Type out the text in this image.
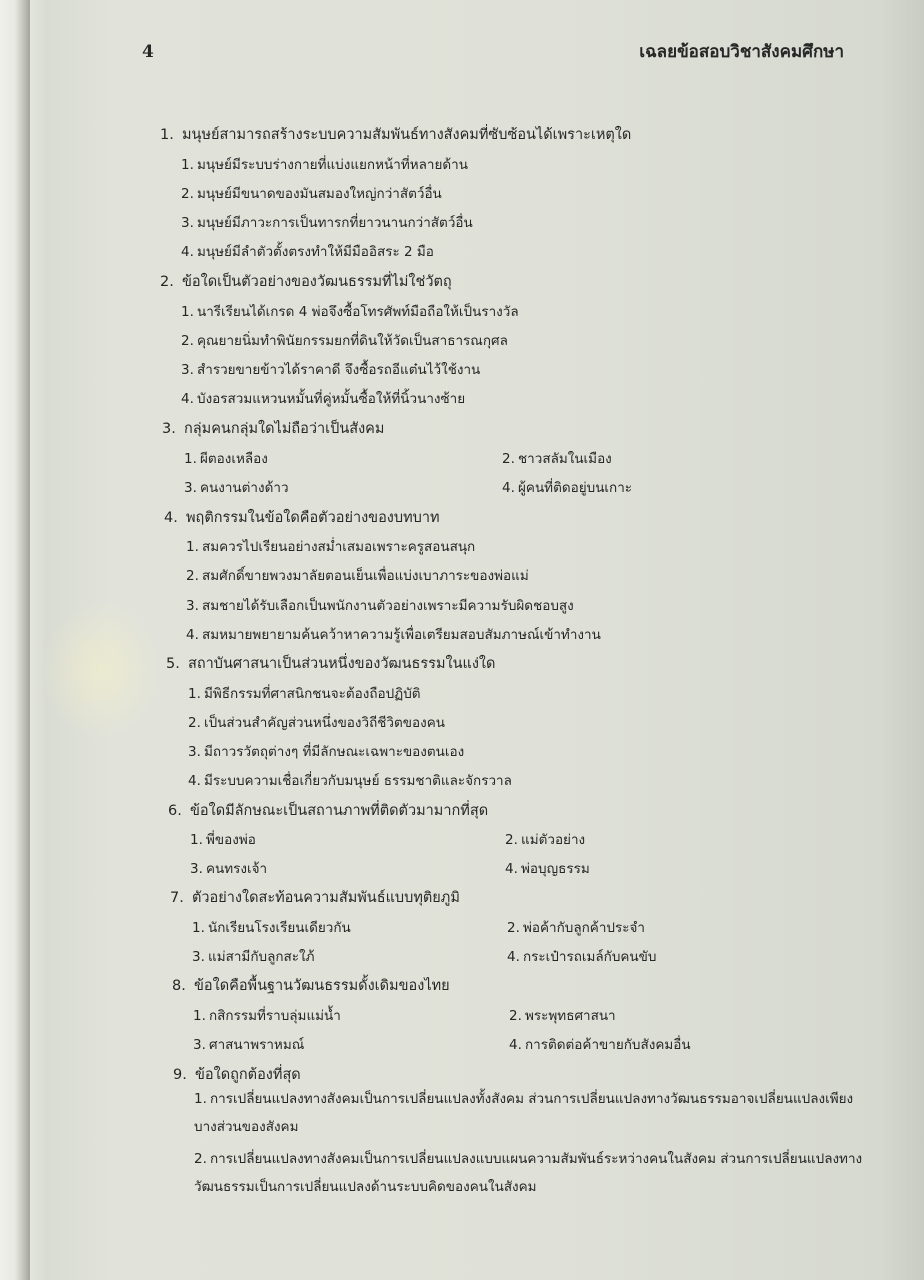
4	เฉลยข้อสอบวิชาสังคมศึกษา
1. มนุษย์สามารถสร้างระบบความสัมพันธ์ทางสังคมที่ซับซ้อนได้เพราะเหตุใด
1. มนุษย์มีระบบร่างกายที่แบ่งแยกหน้าที่หลายด้าน
2. มนุษย์มีขนาดของมันสมองใหญ่กว่าสัตว์อื่น
3. มนุษย์มีภาวะการเป็นทารกที่ยาวนานกว่าสัตว์อื่น
4. มนุษย์มีลำตัวตั้งตรงทำให้มีมืออิสระ 2 มือ
2. ข้อใดเป็นตัวอย่างของวัฒนธรรมที่ไม่ใช่วัตถุ
1. นารีเรียนได้เกรด 4 พ่อจึงซื้อโทรศัพท์มือถือให้เป็นรางวัล
2. คุณยายนิ่มทำพินัยกรรมยกที่ดินให้วัดเป็นสาธารณกุศล
3. สำรวยขายข้าวได้ราคาดี จึงซื้อรถอีแต๋นไว้ใช้งาน
4. บังอรสวมแหวนหมั้นที่คู่หมั้นซื้อให้ที่นิ้วนางซ้าย
3. กลุ่มคนกลุ่มใดไม่ถือว่าเป็นสังคม
1. ผีตองเหลือง	2. ชาวสลัมในเมือง
3. คนงานต่างด้าว	4. ผู้คนที่ติดอยู่บนเกาะ
4. พฤติกรรมในข้อใดคือตัวอย่างของบทบาท
1. สมควรไปเรียนอย่างสม่ำเสมอเพราะครูสอนสนุก
2. สมศักดิ์ขายพวงมาลัยตอนเย็นเพื่อแบ่งเบาภาระของพ่อแม่
3. สมชายได้รับเลือกเป็นพนักงานตัวอย่างเพราะมีความรับผิดชอบสูง
4. สมหมายพยายามค้นคว้าหาความรู้เพื่อเตรียมสอบสัมภาษณ์เข้าทำงาน
5. สถาบันศาสนาเป็นส่วนหนึ่งของวัฒนธรรมในแง่ใด
1. มีพิธีกรรมที่ศาสนิกชนจะต้องถือปฏิบัติ
2. เป็นส่วนสำคัญส่วนหนึ่งของวิถีชีวิตของคน
3. มีถาวรวัตถุต่างๆ ที่มีลักษณะเฉพาะของตนเอง
4. มีระบบความเชื่อเกี่ยวกับมนุษย์ ธรรมชาติและจักรวาล
6. ข้อใดมีลักษณะเป็นสถานภาพที่ติดตัวมามากที่สุด
1. พี่ของพ่อ	2. แม่ตัวอย่าง
3. คนทรงเจ้า	4. พ่อบุญธรรม
7. ตัวอย่างใดสะท้อนความสัมพันธ์แบบทุติยภูมิ
1. นักเรียนโรงเรียนเดียวกัน	2. พ่อค้ากับลูกค้าประจำ
3. แม่สามีกับลูกสะใภ้	4. กระเป๋ารถเมล์กับคนขับ
8. ข้อใดคือพื้นฐานวัฒนธรรมดั้งเดิมของไทย
1. กสิกรรมที่ราบลุ่มแม่น้ำ	2. พระพุทธศาสนา
3. ศาสนาพราหมณ์	4. การติดต่อค้าขายกับสังคมอื่น
9. ข้อใดถูกต้องที่สุด
1. การเปลี่ยนแปลงทางสังคมเป็นการเปลี่ยนแปลงทั้งสังคม ส่วนการเปลี่ยนแปลงทางวัฒนธรรมอาจเปลี่ยนแปลงเพียงบางส่วนของสังคม
2. การเปลี่ยนแปลงทางสังคมเป็นการเปลี่ยนแปลงแบบแผนความสัมพันธ์ระหว่างคนในสังคม ส่วนการเปลี่ยนแปลงทางวัฒนธรรมเป็นการเปลี่ยนแปลงด้านระบบคิดของคนในสังคม
